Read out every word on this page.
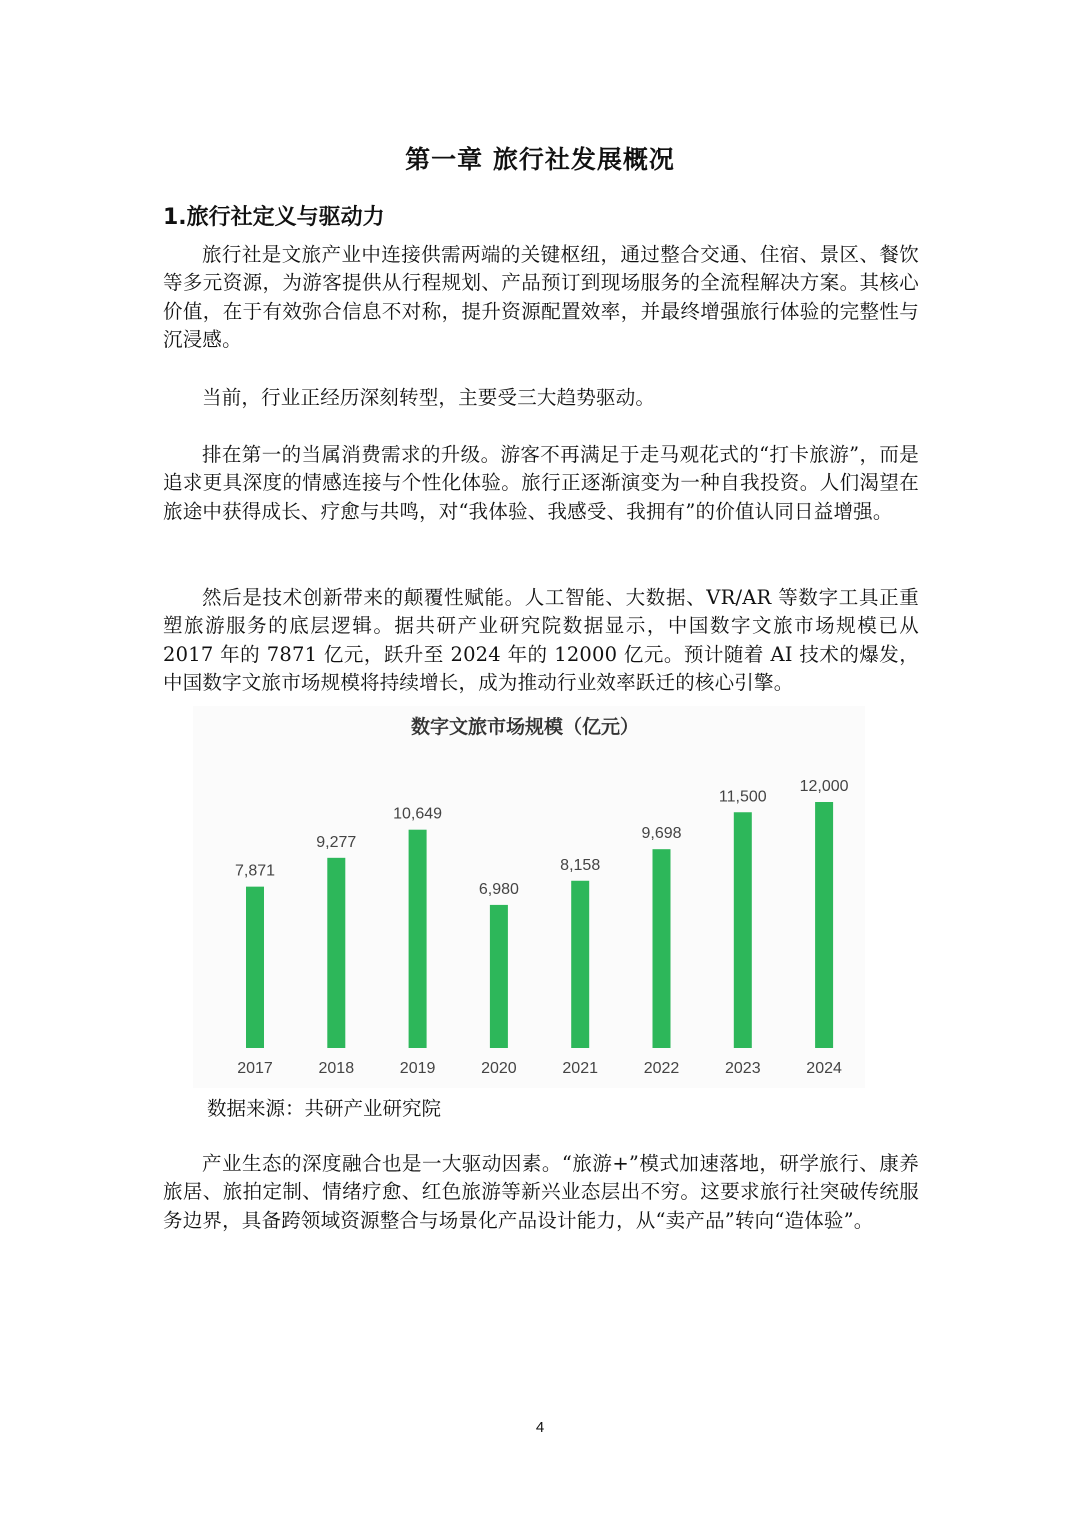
第一章 旅行社发展概况
1.旅行社定义与驱动力

旅行社是文旅产业中连接供需两端的关键枢纽，通过整合交通、住宿、景区、餐饮等多元资源，为游客提供从行程规划、产品预订到现场服务的全流程解决方案。其核心价值，在于有效弥合信息不对称，提升资源配置效率，并最终增强旅行体验的完整性与沉浸感。

当前，行业正经历深刻转型，主要受三大趋势驱动。

排在第一的当属消费需求的升级。游客不再满足于走马观花式的“打卡旅游”，而是追求更具深度的情感连接与个性化体验。旅行正逐渐演变为一种自我投资。人们渴望在旅途中获得成长、疗愈与共鸣，对“我体验、我感受、我拥有”的价值认同日益增强。

然后是技术创新带来的颠覆性赋能。人工智能、大数据、VR/AR 等数字工具正重塑旅游服务的底层逻辑。据共研产业研究院数据显示，中国数字文旅市场规模已从 2017 年的 7871 亿元，跃升至 2024 年的 12000 亿元。预计随着 AI 技术的爆发，中国数字文旅市场规模将持续增长，成为推动行业效率跃迁的核心引擎。

数字文旅市场规模（亿元）
7,871
2017
9,277
2018
10,649
2019
6,980
2020
8,158
2021
9,698
2022
11,500
2023
12,000
2024

数据来源：共研产业研究院

产业生态的深度融合也是一大驱动因素。“旅游+”模式加速落地，研学旅行、康养旅居、旅拍定制、情绪疗愈、红色旅游等新兴业态层出不穷。这要求旅行社突破传统服务边界，具备跨领域资源整合与场景化产品设计能力，从“卖产品”转向“造体验”。

4
